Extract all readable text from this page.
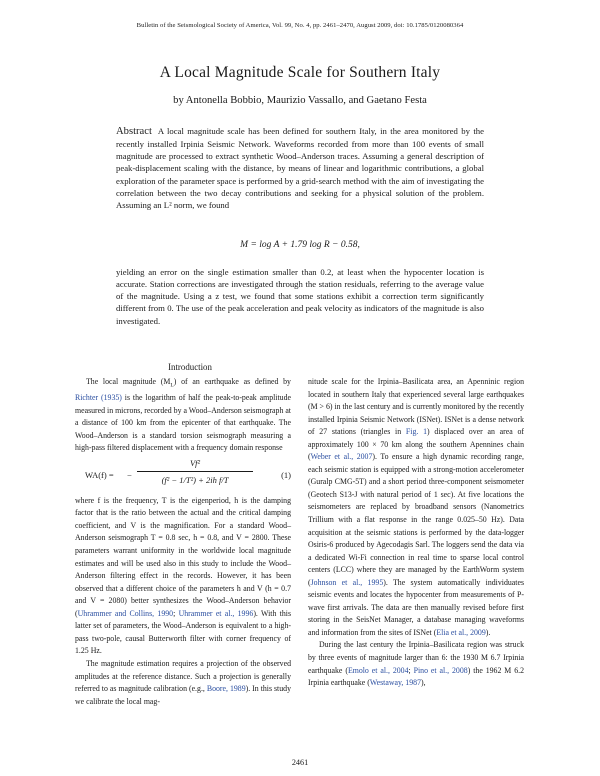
Bulletin of the Seismological Society of America, Vol. 99, No. 4, pp. 2461–2470, August 2009, doi: 10.1785/0120080364
A Local Magnitude Scale for Southern Italy
by Antonella Bobbio, Maurizio Vassallo, and Gaetano Festa
Abstract A local magnitude scale has been defined for southern Italy, in the area monitored by the recently installed Irpinia Seismic Network. Waveforms recorded from more than 100 events of small magnitude are processed to extract synthetic Wood–Anderson traces. Assuming a general description of peak-displacement scaling with the distance, by means of linear and logarithmic contributions, a global exploration of the parameter space is performed by a grid-search method with the aim of investigating the correlation between the two decay contributions and seeking for a physical solution of the problem. Assuming an L² norm, we found
M = log A + 1.79 log R − 0.58,
yielding an error on the single estimation smaller than 0.2, at least when the hypocenter location is accurate. Station corrections are investigated through the station residuals, referring to the average value of the magnitude. Using a z test, we found that some stations exhibit a correction term significantly different from 0. The use of the peak acceleration and peak velocity as indicators of the magnitude is also investigated.
Introduction

The local magnitude $(M_L)$ of an earthquake as defined by Richter (1935) is the logarithm of half the peak-to-peak amplitude measured in microns, recorded by a Wood–Anderson seismograph at a distance of 100 km from the epicenter of that earthquake. The Wood–Anderson is a standard torsion seismograph measuring a high-pass filtered displacement with a frequency domain response

WA(f) = − $\frac{\text{Vf²}}{\text{(f² − 1/T²) + 2ih f/T}}$	(1)

where f is the frequency, T is the eigenperiod, h is the damping factor that is the ratio between the actual and the critical damping coefficient, and V is the magnification. For a standard Wood–Anderson seismograph T = 0.8 sec, h = 0.8, and V = 2800. These parameters warrant uniformity in the worldwide local magnitude estimates and will be used also in this study to include the Wood–Anderson filtering effect in the records. However, it has been observed that a different choice of the parameters h and V (h = 0.7 and V = 2080) better synthesizes the Wood–Anderson behavior (Uhrammer and Collins, 1990; Uhrammer et al., 1996). With this latter set of parameters, the Wood–Anderson is equivalent to a high-pass two-pole, causal Butterworth filter with corner frequency of 1.25 Hz.

The magnitude estimation requires a projection of the observed amplitudes at the reference distance. Such a projection is generally referred to as magnitude calibration (e.g., Boore, 1989). In this study we calibrate the local mag-

nitude scale for the Irpinia–Basilicata area, an Apenninic region located in southern Italy that experienced several large earthquakes (M > 6) in the last century and is currently monitored by the recently installed Irpinia Seismic Network (ISNet). ISNet is a dense network of 27 stations (triangles in Fig. 1) displaced over an area of approximately 100 × 70 km along the southern Apennines chain (Weber et al., 2007). To ensure a high dynamic recording range, each seismic station is equipped with a strong-motion accelerometer (Guralp CMG-5T) and a short period three-component seismometer (Geotech S13-J with natural period of 1 sec). At five locations the seismometers are replaced by broadband sensors (Nanometrics Trillium with a flat response in the range 0.025–50 Hz). Data acquisition at the seismic stations is performed by the data-logger Osiris-6 produced by Agecodagis Sarl. The loggers send the data via a dedicated Wi-Fi connection in real time to sparse local control centers (LCC) where they are managed by the EarthWorm system (Johnson et al., 1995). The system automatically individuates seismic events and locates the hypocenter from measurements of P-wave first arrivals. The data are then manually revised before first storing in the SeisNet Manager, a database managing waveforms and information from the sites of ISNet (Elia et al., 2009).

During the last century the Irpinia–Basilicata region was struck by three events of magnitude larger than 6: the 1930 M 6.7 Irpinia earthquake (Emolo et al., 2004; Pino et al., 2008) the 1962 M 6.2 Irpinia earthquake (Westaway, 1987),

2461
